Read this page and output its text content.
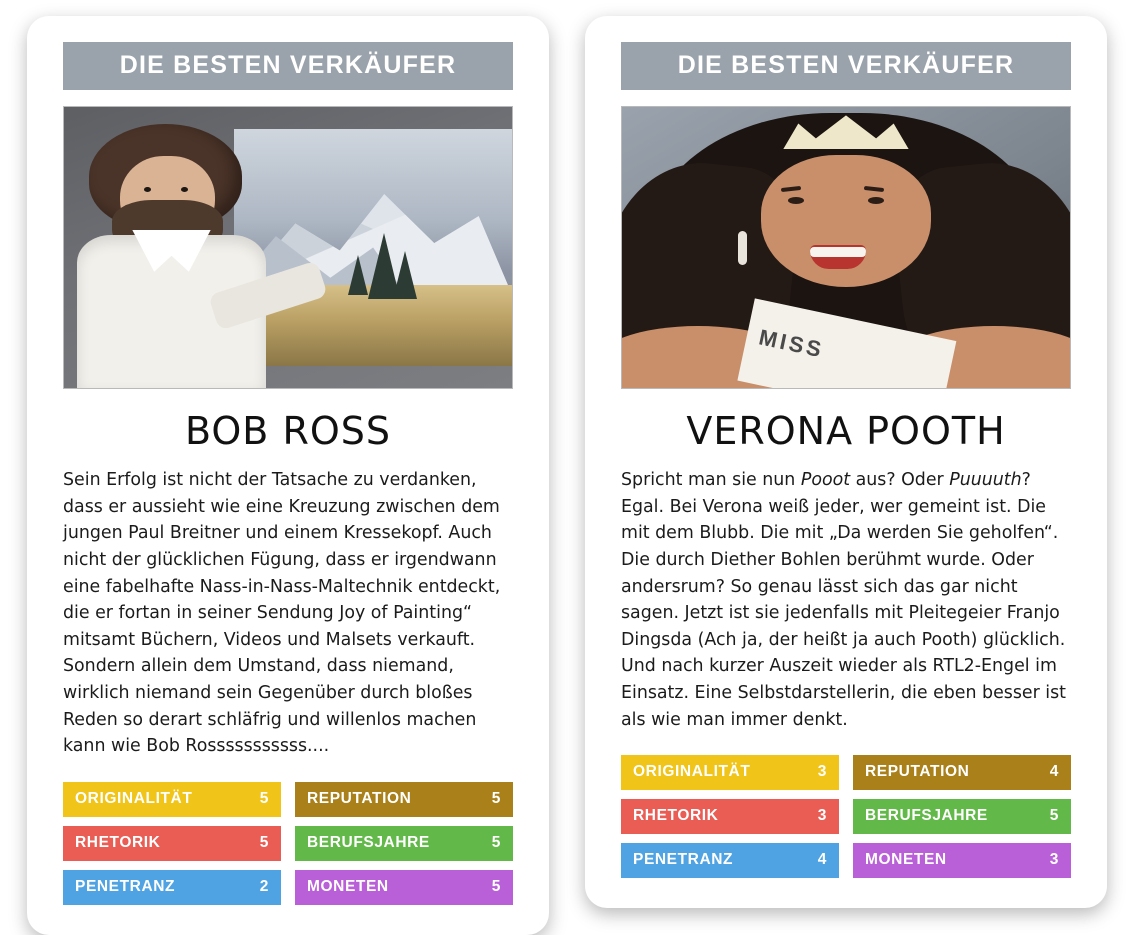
DIE BESTEN VERKÄUFER
BOB ROSS

Sein Erfolg ist nicht der Tatsache zu verdanken, dass er aussieht wie eine Kreuzung zwischen dem jungen Paul Breitner und einem Kressekopf. Auch nicht der glücklichen Fügung, dass er irgendwann eine fabelhafte Nass-in-Nass-Maltechnik entdeckt, die er fortan in seiner Sendung Joy of Painting“ mitsamt Büchern, Videos und Malsets verkauft. Sondern allein dem Umstand, dass niemand, wirklich niemand sein Gegenüber durch bloßes Reden so derart schläfrig und willenlos machen kann wie Bob Rosssssssssss....

ORIGINALITÄT	5 REPUTATION	5
RHETORIK	5 BERUFSJAHRE	5
PENETRANZ	2 MONETEN	5
DIE BESTEN VERKÄUFER
MISS
VERONA POOTH

Spricht man sie nun Pooot aus? Oder Puuuuth? Egal. Bei Verona weiß jeder, wer gemeint ist. Die mit dem Blubb. Die mit „Da werden Sie geholfen“. Die durch Diether Bohlen berühmt wurde. Oder andersrum? So genau lässt sich das gar nicht sagen. Jetzt ist sie jedenfalls mit Pleitegeier Franjo Dingsda (Ach ja, der heißt ja auch Pooth) glücklich. Und nach kurzer Auszeit wieder als RTL2-Engel im Einsatz. Eine Selbstdarstellerin, die eben besser ist als wie man immer denkt.

ORIGINALITÄT	3 REPUTATION	4
RHETORIK	3 BERUFSJAHRE	5
PENETRANZ	4 MONETEN	3
